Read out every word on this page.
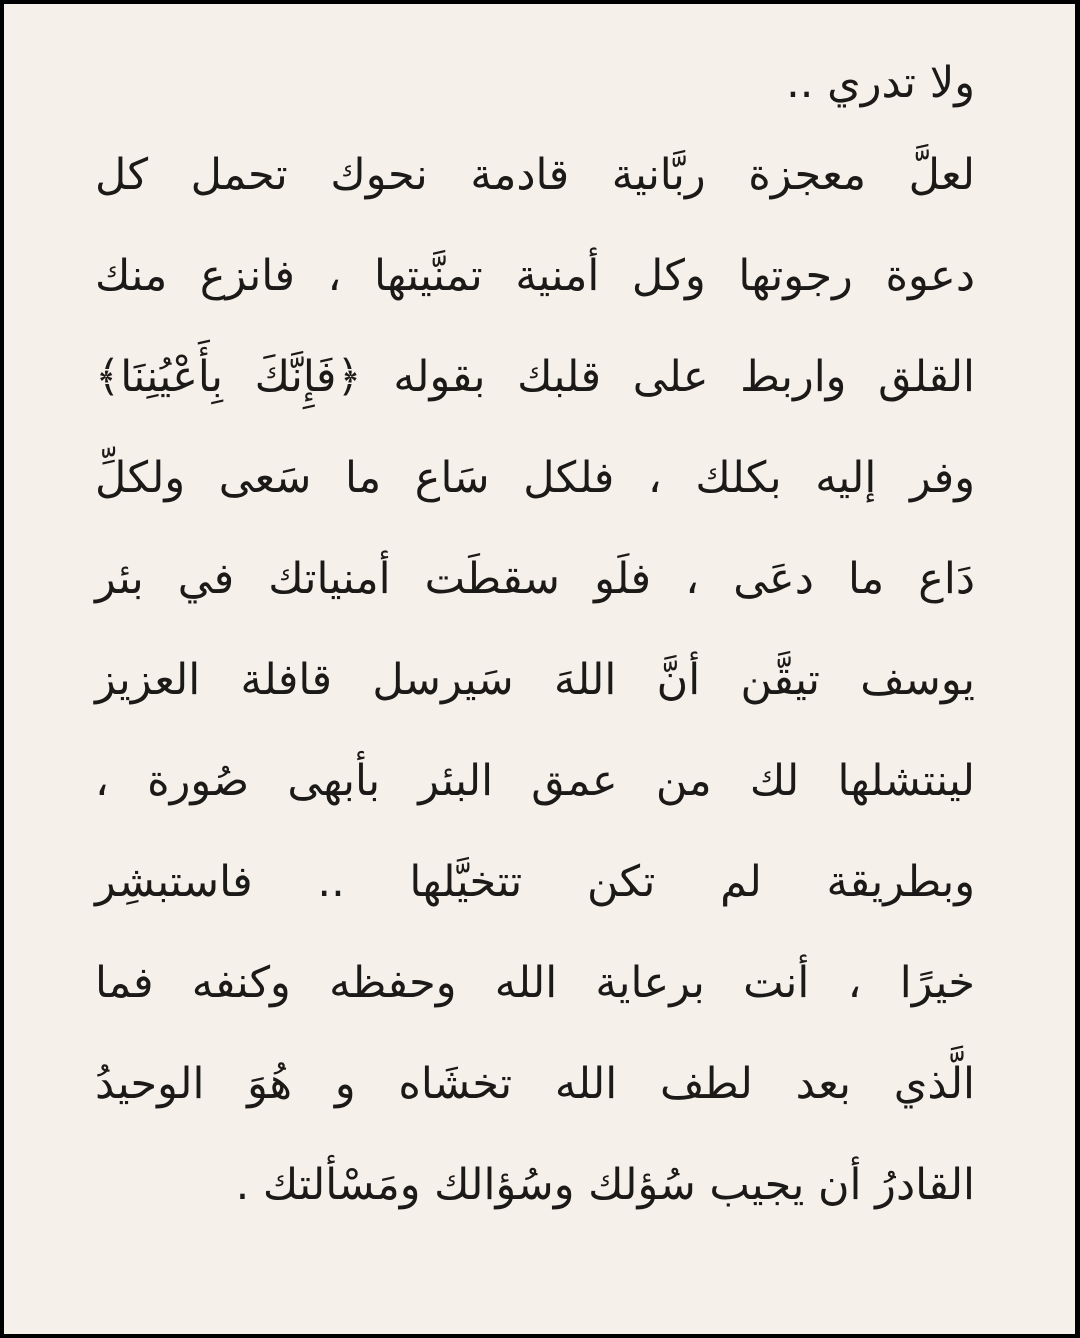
ولا تدري ..
لعلَّ معجزة ربَّانية قادمة نحوك تحمل كل
دعوة رجوتها وكل أمنية تمنَّيتها ، فانزع منك
القلق واربط على قلبك بقوله ﴿فَإِنَّكَ بِأَعْيُنِنَا﴾
وفر إليه بكلك ، فلكل سَاع ما سَعى ولكلِّ
دَاع ما دعَى ، فلَو سقطَت أمنياتك في بئر
يوسف تيقَّن أنَّ اللهَ سَيرسل قافلة العزيز
لينتشلها لك من عمق البئر بأبهى صُورة ،
وبطريقة لم تكن تتخيَّلها .. فاستبشِر
خيرًا ، أنت برعاية الله وحفظه وكنفه فما
الَّذي بعد لطف الله تخشَاه و هُوَ الوحيدُ
القادرُ أن يجيب سُؤلك وسُؤالك ومَسْألتك .
